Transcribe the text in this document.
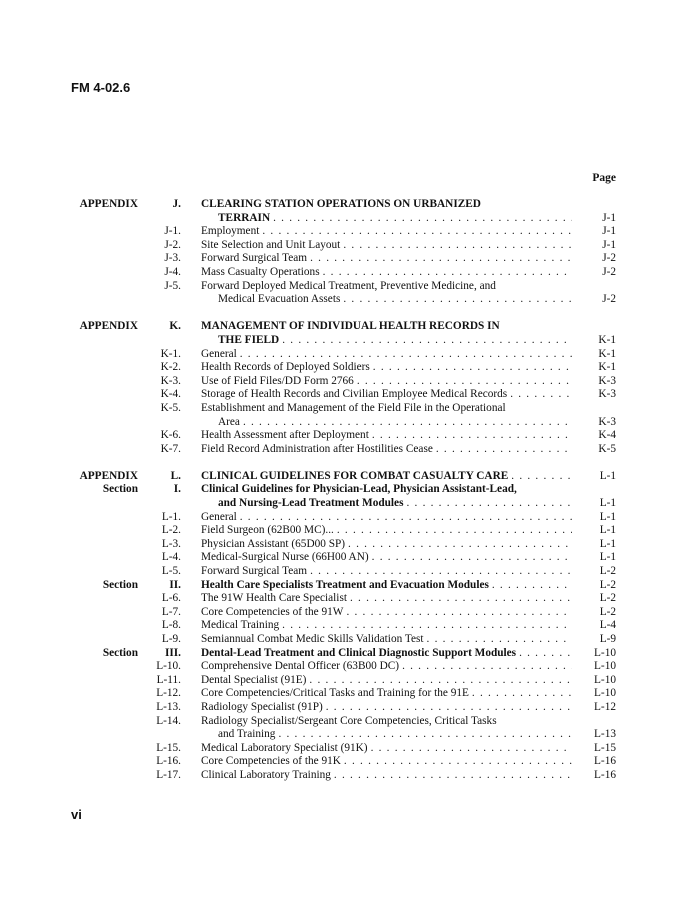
FM 4-02.6
Page
APPENDIX	J. CLEARING STATION OPERATIONS ON URBANIZED
TERRAIN . . .	J-1
J-1. Employment . . .	J-1
J-2. Site Selection and Unit Layout . . .	J-1
J-3. Forward Surgical Team . . .	J-2
J-4. Mass Casualty Operations . . .	J-2
J-5. Forward Deployed Medical Treatment, Preventive Medicine, and
Medical Evacuation Assets . . .	J-2
APPENDIX	K. MANAGEMENT OF INDIVIDUAL HEALTH RECORDS IN
THE FIELD . . .	K-1
K-1. General . . .	K-1
K-2. Health Records of Deployed Soldiers . . .	K-1
K-3. Use of Field Files/DD Form 2766 . . .	K-3
K-4. Storage of Health Records and Civilian Employee Medical Records . . .	K-3
K-5. Establishment and Management of the Field File in the Operational
Area . . .	K-3
K-6. Health Assessment after Deployment . . .	K-4
K-7. Field Record Administration after Hostilities Cease . . .	K-5
APPENDIX	L. CLINICAL GUIDELINES FOR COMBAT CASUALTY CARE . . .	L-1
Section	I. Clinical Guidelines for Physician-Lead, Physician Assistant-Lead,
and Nursing-Lead Treatment Modules . . .	L-1
L-1. General . . .	L-1
L-2. Field Surgeon (62B00 MC)... . . .	L-1
L-3. Physician Assistant (65D00 SP) . . .	L-1
L-4. Medical-Surgical Nurse (66H00 AN) . . .	L-1
L-5. Forward Surgical Team . . .	L-2
Section	II. Health Care Specialists Treatment and Evacuation Modules . . .	L-2
L-6. The 91W Health Care Specialist . . .	L-2
L-7. Core Competencies of the 91W . . .	L-2
L-8. Medical Training . . .	L-4
L-9. Semiannual Combat Medic Skills Validation Test . . .	L-9
Section III. Dental-Lead Treatment and Clinical Diagnostic Support Modules . . .	L-10
L-10. Comprehensive Dental Officer (63B00 DC) . . .	L-10
L-11. Dental Specialist (91E) . . .	L-10
L-12. Core Competencies/Critical Tasks and Training for the 91E . . .	L-10
L-13. Radiology Specialist (91P) . . .	L-12
L-14. Radiology Specialist/Sergeant Core Competencies, Critical Tasks
and Training . . .	L-13
L-15. Medical Laboratory Specialist (91K) . . .	L-15
L-16. Core Competencies of the 91K . . .	L-16
L-17. Clinical Laboratory Training . . .	L-16
vi
